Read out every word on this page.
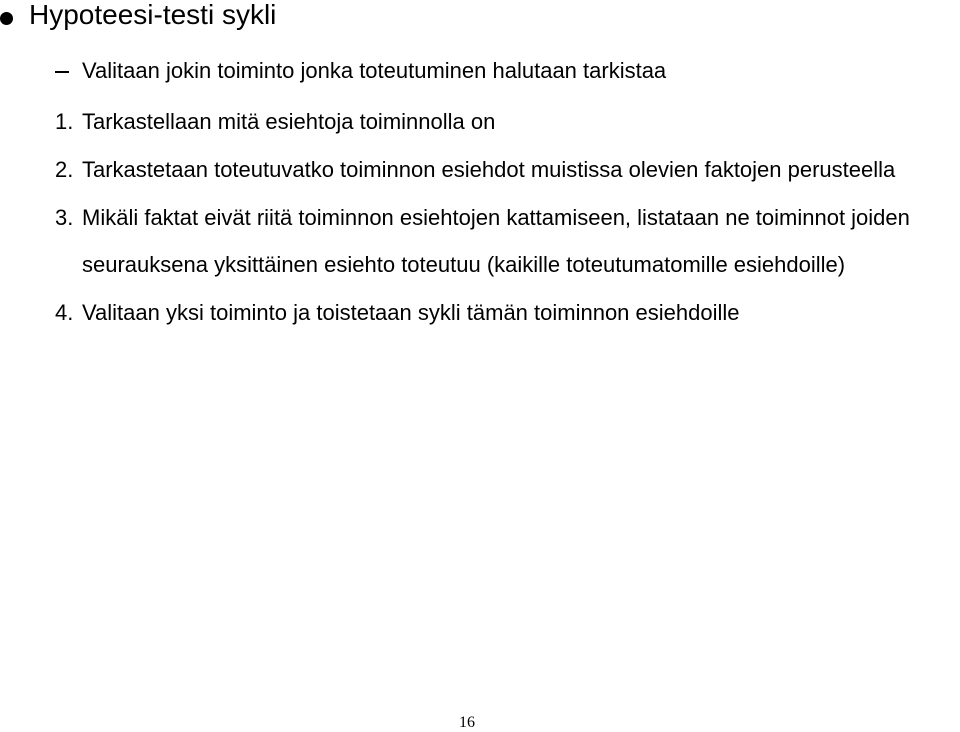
Hypoteesi-testi sykli
Valitaan jokin toiminto jonka toteutuminen halutaan tarkistaa
1. Tarkastellaan mitä esiehtoja toiminnolla on
2. Tarkastetaan toteutuvatko toiminnon esiehdot muistissa olevien faktojen perusteella
3. Mikäli faktat eivät riitä toiminnon esiehtojen kattamiseen, listataan ne toiminnot joiden seurauksena yksittäinen esiehto toteutuu (kaikille toteutumatomille esiehdoille)
4. Valitaan yksi toiminto ja toistetaan sykli tämän toiminnon esiehdoille
16
